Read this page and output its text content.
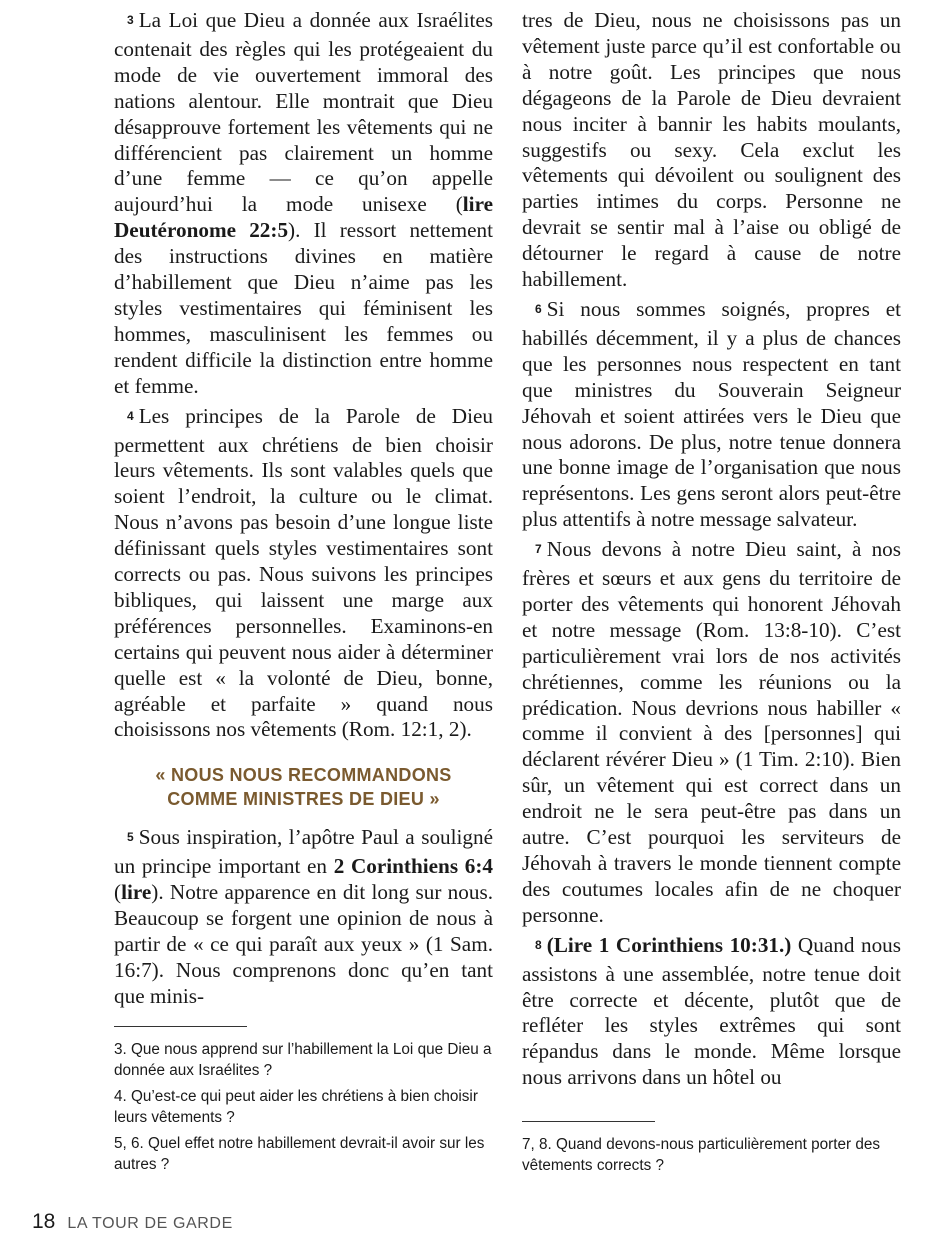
3 La Loi que Dieu a donnée aux Israélites contenait des règles qui les protégeaient du mode de vie ouvertement immoral des nations alentour. Elle montrait que Dieu désapprouve fortement les vêtements qui ne différencient pas clairement un homme d’une femme — ce qu’on appelle aujourd’hui la mode unisexe (lire Deutéronome 22:5). Il ressort nettement des instructions divines en matière d’habillement que Dieu n’aime pas les styles vestimentaires qui féminisent les hommes, masculinisent les femmes ou rendent difficile la distinction entre homme et femme.

4 Les principes de la Parole de Dieu permettent aux chrétiens de bien choisir leurs vêtements. Ils sont valables quels que soient l’endroit, la culture ou le climat. Nous n’avons pas besoin d’une longue liste définissant quels styles vestimentaires sont corrects ou pas. Nous suivons les principes bibliques, qui laissent une marge aux préférences personnelles. Examinons-en certains qui peuvent nous aider à déterminer quelle est « la volonté de Dieu, bonne, agréable et parfaite » quand nous choisissons nos vêtements (Rom. 12:1, 2).

« NOUS NOUS RECOMMANDONS
COMME MINISTRES DE DIEU »

5 Sous inspiration, l’apôtre Paul a souligné un principe important en 2 Corinthiens 6:4 (lire). Notre apparence en dit long sur nous. Beaucoup se forgent une opinion de nous à partir de « ce qui paraît aux yeux » (1 Sam. 16:7). Nous comprenons donc qu’en tant que minis-

tres de Dieu, nous ne choisissons pas un vêtement juste parce qu’il est confortable ou à notre goût. Les principes que nous dégageons de la Parole de Dieu devraient nous inciter à bannir les habits moulants, suggestifs ou sexy. Cela exclut les vêtements qui dévoilent ou soulignent des parties intimes du corps. Personne ne devrait se sentir mal à l’aise ou obligé de détourner le regard à cause de notre habillement.

6 Si nous sommes soignés, propres et habillés décemment, il y a plus de chances que les personnes nous respectent en tant que ministres du Souverain Seigneur Jéhovah et soient attirées vers le Dieu que nous adorons. De plus, notre tenue donnera une bonne image de l’organisation que nous représentons. Les gens seront alors peut-être plus attentifs à notre message salvateur.

7 Nous devons à notre Dieu saint, à nos frères et sœurs et aux gens du territoire de porter des vêtements qui honorent Jéhovah et notre message (Rom. 13:8-10). C’est particulièrement vrai lors de nos activités chrétiennes, comme les réunions ou la prédication. Nous devrions nous habiller « comme il convient à des [personnes] qui déclarent révérer Dieu » (1 Tim. 2:10). Bien sûr, un vêtement qui est correct dans un endroit ne le sera peut-être pas dans un autre. C’est pourquoi les serviteurs de Jéhovah à travers le monde tiennent compte des coutumes locales afin de ne choquer personne.

8 (Lire 1 Corinthiens 10:31.) Quand nous assistons à une assemblée, notre tenue doit être correcte et décente, plutôt que de refléter les styles extrêmes qui sont répandus dans le monde. Même lorsque nous arrivons dans un hôtel ou

3. Que nous apprend sur l’habillement la Loi que Dieu a donnée aux Israélites ?

4. Qu’est-ce qui peut aider les chrétiens à bien choisir leurs vêtements ?

5, 6. Quel effet notre habillement devrait-il avoir sur les autres ?

7, 8. Quand devons-nous particulièrement porter des vêtements corrects ?

18 LA TOUR DE GARDE
